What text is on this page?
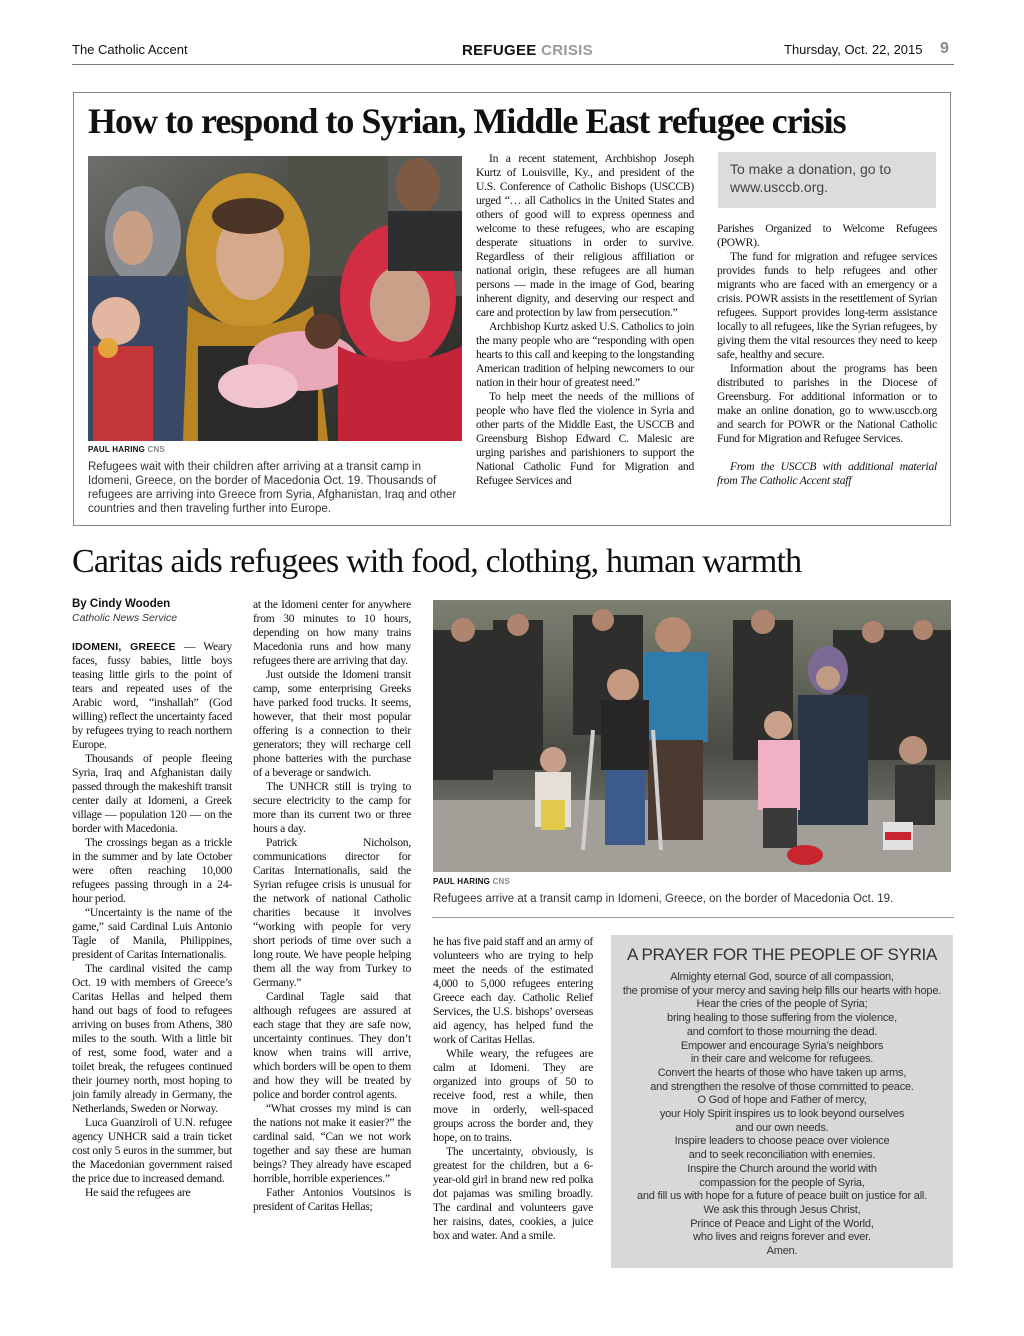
The Catholic Accent	REFUGEE CRISIS	Thursday, Oct. 22, 2015 9
How to respond to Syrian, Middle East refugee crisis
PAUL HARING CNS
Refugees wait with their children after arriving at a transit camp in Idomeni, Greece, on the border of Macedonia Oct. 19. Thousands of refugees are arriving into Greece from Syria, Afghanistan, Iraq and other countries and then traveling further into Europe.

In a recent statement, Archbishop Joseph Kurtz of Louisville, Ky., and president of the U.S. Conference of Catholic Bishops (USCCB) urged “… all Catholics in the United States and others of good will to express openness and welcome to these refugees, who are escaping desperate situations in order to survive. Regardless of their religious affiliation or national origin, these refugees are all human persons — made in the image of God, bearing inherent dignity, and deserving our respect and care and protection by law from persecution.”

Archbishop Kurtz asked U.S. Catholics to join the many people who are “responding with open hearts to this call and keeping to the longstanding American tradition of helping newcomers to our nation in their hour of greatest need.”

To help meet the needs of the millions of people who have fled the violence in Syria and other parts of the Middle East, the USCCB and Greensburg Bishop Edward C. Malesic are urging parishes and parishioners to support the National Catholic Fund for Migration and Refugee Services and

To make a donation, go to www.usccb.org.

Parishes Organized to Welcome Refugees (POWR).

The fund for migration and refugee services provides funds to help refugees and other migrants who are faced with an emergency or a crisis. POWR assists in the resettlement of Syrian refugees. Support provides long-term assistance locally to all refugees, like the Syrian refugees, by giving them the vital resources they need to keep safe, healthy and secure.

Information about the programs has been distributed to parishes in the Diocese of Greensburg. For additional information or to make an online donation, go to www.usccb.org and search for POWR or the National Catholic Fund for Migration and Refugee Services.

From the USCCB with additional material from The Catholic Accent staff

Caritas aids refugees with food, clothing, human warmth
By Cindy Wooden
Catholic News Service

IDOMENI, GREECE — Weary faces, fussy babies, little boys teasing little girls to the point of tears and repeated uses of the Arabic word, “inshallah” (God willing) reflect the uncertainty faced by refugees trying to reach northern Europe.

Thousands of people fleeing Syria, Iraq and Afghanistan daily passed through the makeshift transit center daily at Idomeni, a Greek village — population 120 — on the border with Macedonia.

The crossings began as a trickle in the summer and by late October were often reaching 10,000 refugees passing through in a 24-hour period.

“Uncertainty is the name of the game,” said Cardinal Luis Antonio Tagle of Manila, Philippines, president of Caritas Internationalis.

The cardinal visited the camp Oct. 19 with members of Greece’s Caritas Hellas and helped them hand out bags of food to refugees arriving on buses from Athens, 380 miles to the south. With a little bit of rest, some food, water and a toilet break, the refugees continued their journey north, most hoping to join family already in Germany, the Netherlands, Sweden or Norway.

Luca Guanziroli of U.N. refugee agency UNHCR said a train ticket cost only 5 euros in the summer, but the Macedonian government raised the price due to increased demand.

He said the refugees are

at the Idomeni center for anywhere from 30 minutes to 10 hours, depending on how many trains Macedonia runs and how many refugees there are arriving that day.

Just outside the Idomeni transit camp, some enterprising Greeks have parked food trucks. It seems, however, that their most popular offering is a connection to their generators; they will recharge cell phone batteries with the purchase of a beverage or sandwich.

The UNHCR still is trying to secure electricity to the camp for more than its current two or three hours a day.

Patrick Nicholson, communications director for Caritas Internationalis, said the Syrian refugee crisis is unusual for the network of national Catholic charities because it involves “working with people for very short periods of time over such a long route. We have people helping them all the way from Turkey to Germany.”

Cardinal Tagle said that although refugees are assured at each stage that they are safe now, uncertainty continues. They don’t know when trains will arrive, which borders will be open to them and how they will be treated by police and border control agents.

“What crosses my mind is can the nations not make it easier?” the cardinal said. “Can we not work together and say these are human beings? They already have escaped horrible, horrible experiences.”

Father Antonios Voutsinos is president of Caritas Hellas;

PAUL HARING CNS
Refugees arrive at a transit camp in Idomeni, Greece, on the border of Macedonia Oct. 19.

he has five paid staff and an army of volunteers who are trying to help meet the needs of the estimated 4,000 to 5,000 refugees entering Greece each day. Catholic Relief Services, the U.S. bishops’ overseas aid agency, has helped fund the work of Caritas Hellas.

While weary, the refugees are calm at Idomeni. They are organized into groups of 50 to receive food, rest a while, then move in orderly, well-spaced groups across the border and, they hope, on to trains.

The uncertainty, obviously, is greatest for the children, but a 6-year-old girl in brand new red polka dot pajamas was smiling broadly. The cardinal and volunteers gave her raisins, dates, cookies, a juice box and water. And a smile.

A PRAYER FOR THE PEOPLE OF SYRIA
Almighty eternal God, source of all compassion,
the promise of your mercy and saving help fills our hearts with hope.
Hear the cries of the people of Syria;
bring healing to those suffering from the violence,
and comfort to those mourning the dead.
Empower and encourage Syria’s neighbors
in their care and welcome for refugees.
Convert the hearts of those who have taken up arms,
and strengthen the resolve of those committed to peace.
O God of hope and Father of mercy,
your Holy Spirit inspires us to look beyond ourselves
and our own needs.
Inspire leaders to choose peace over violence
and to seek reconciliation with enemies.
Inspire the Church around the world with
compassion for the people of Syria,
and fill us with hope for a future of peace built on justice for all.
We ask this through Jesus Christ,
Prince of Peace and Light of the World,
who lives and reigns forever and ever.
Amen.
